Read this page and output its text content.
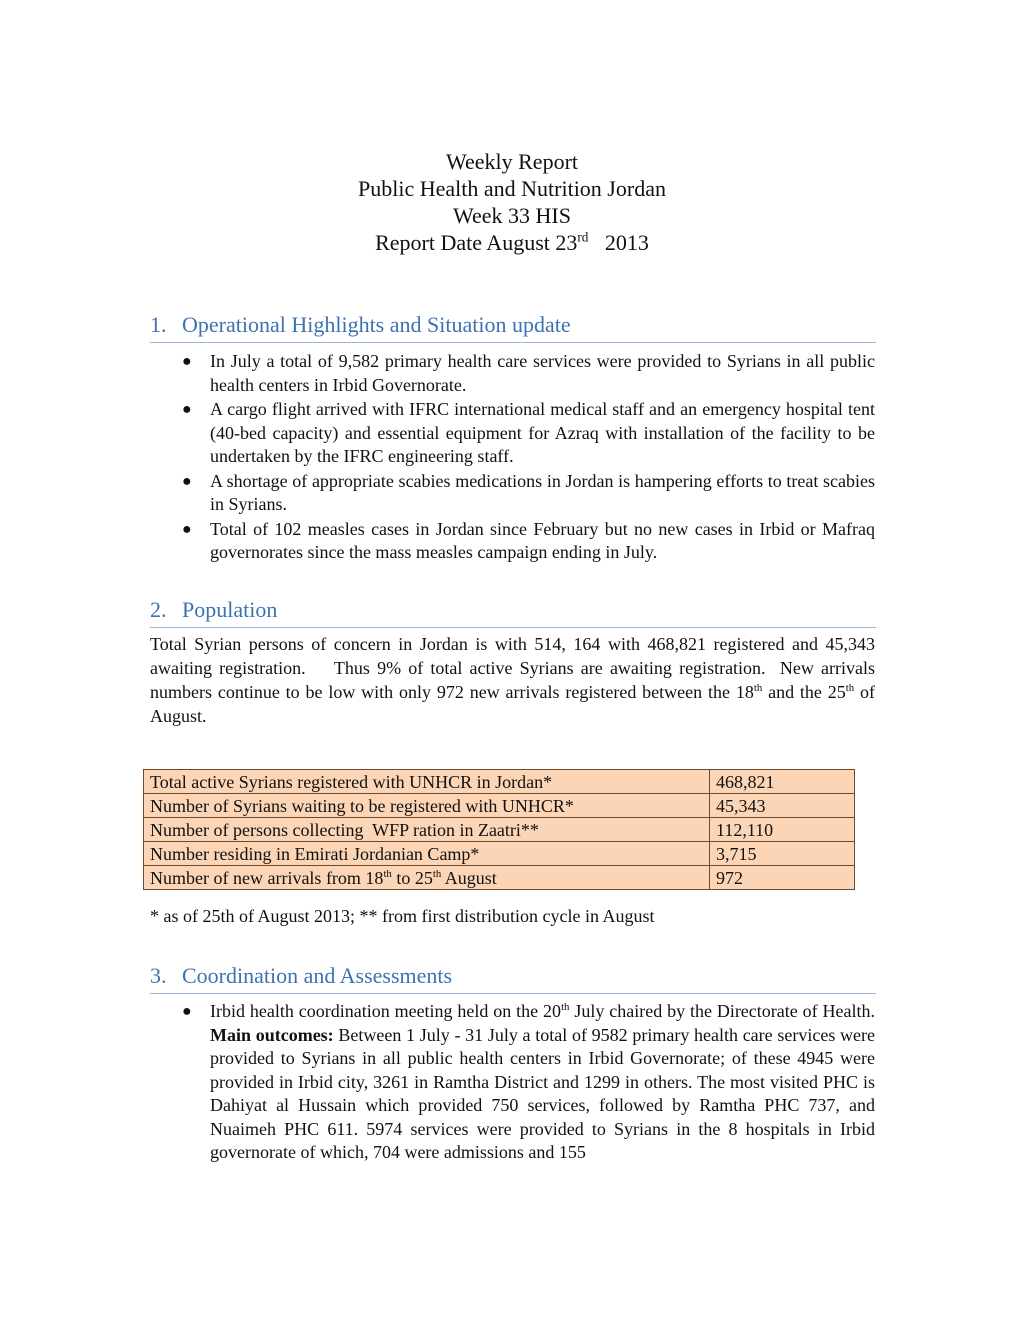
Weekly Report
Public Health and Nutrition Jordan
Week 33 HIS
Report Date August 23rd   2013
1. Operational Highlights and Situation update
● In July a total of 9,582 primary health care services were provided to Syrians in all public health centers in Irbid Governorate.
● A cargo flight arrived with IFRC international medical staff and an emergency hospital tent (40-bed capacity) and essential equipment for Azraq with installation of the facility to be undertaken by the IFRC engineering staff.
● A shortage of appropriate scabies medications in Jordan is hampering efforts to treat scabies in Syrians.
● Total of 102 measles cases in Jordan since February but no new cases in Irbid or Mafraq governorates since the mass measles campaign ending in July.
2. Population
Total Syrian persons of concern in Jordan is with 514, 164 with 468,821 registered and 45,343 awaiting registration.    Thus 9% of total active Syrians are awaiting registration.  New arrivals numbers continue to be low with only 972 new arrivals registered between the 18th and the 25th of August.
Total active Syrians registered with UNHCR in Jordan*	468,821
Number of Syrians waiting to be registered with UNHCR*	45,343
Number of persons collecting  WFP ration in Zaatri**	112,110
Number residing in Emirati Jordanian Camp*	3,715
Number of new arrivals from 18th to 25th August	972
* as of 25th of August 2013; ** from first distribution cycle in August
3. Coordination and Assessments
● Irbid health coordination meeting held on the 20th July chaired by the Directorate of Health. Main outcomes: Between 1 July - 31 July a total of 9582 primary health care services were provided to Syrians in all public health centers in Irbid Governorate; of these 4945 were provided in Irbid city, 3261 in Ramtha District and 1299 in others. The most visited PHC is Dahiyat al Hussain which provided 750 services, followed by Ramtha PHC 737, and Nuaimeh PHC 611. 5974 services were provided to Syrians in the 8 hospitals in Irbid governorate of which, 704 were admissions and 155
